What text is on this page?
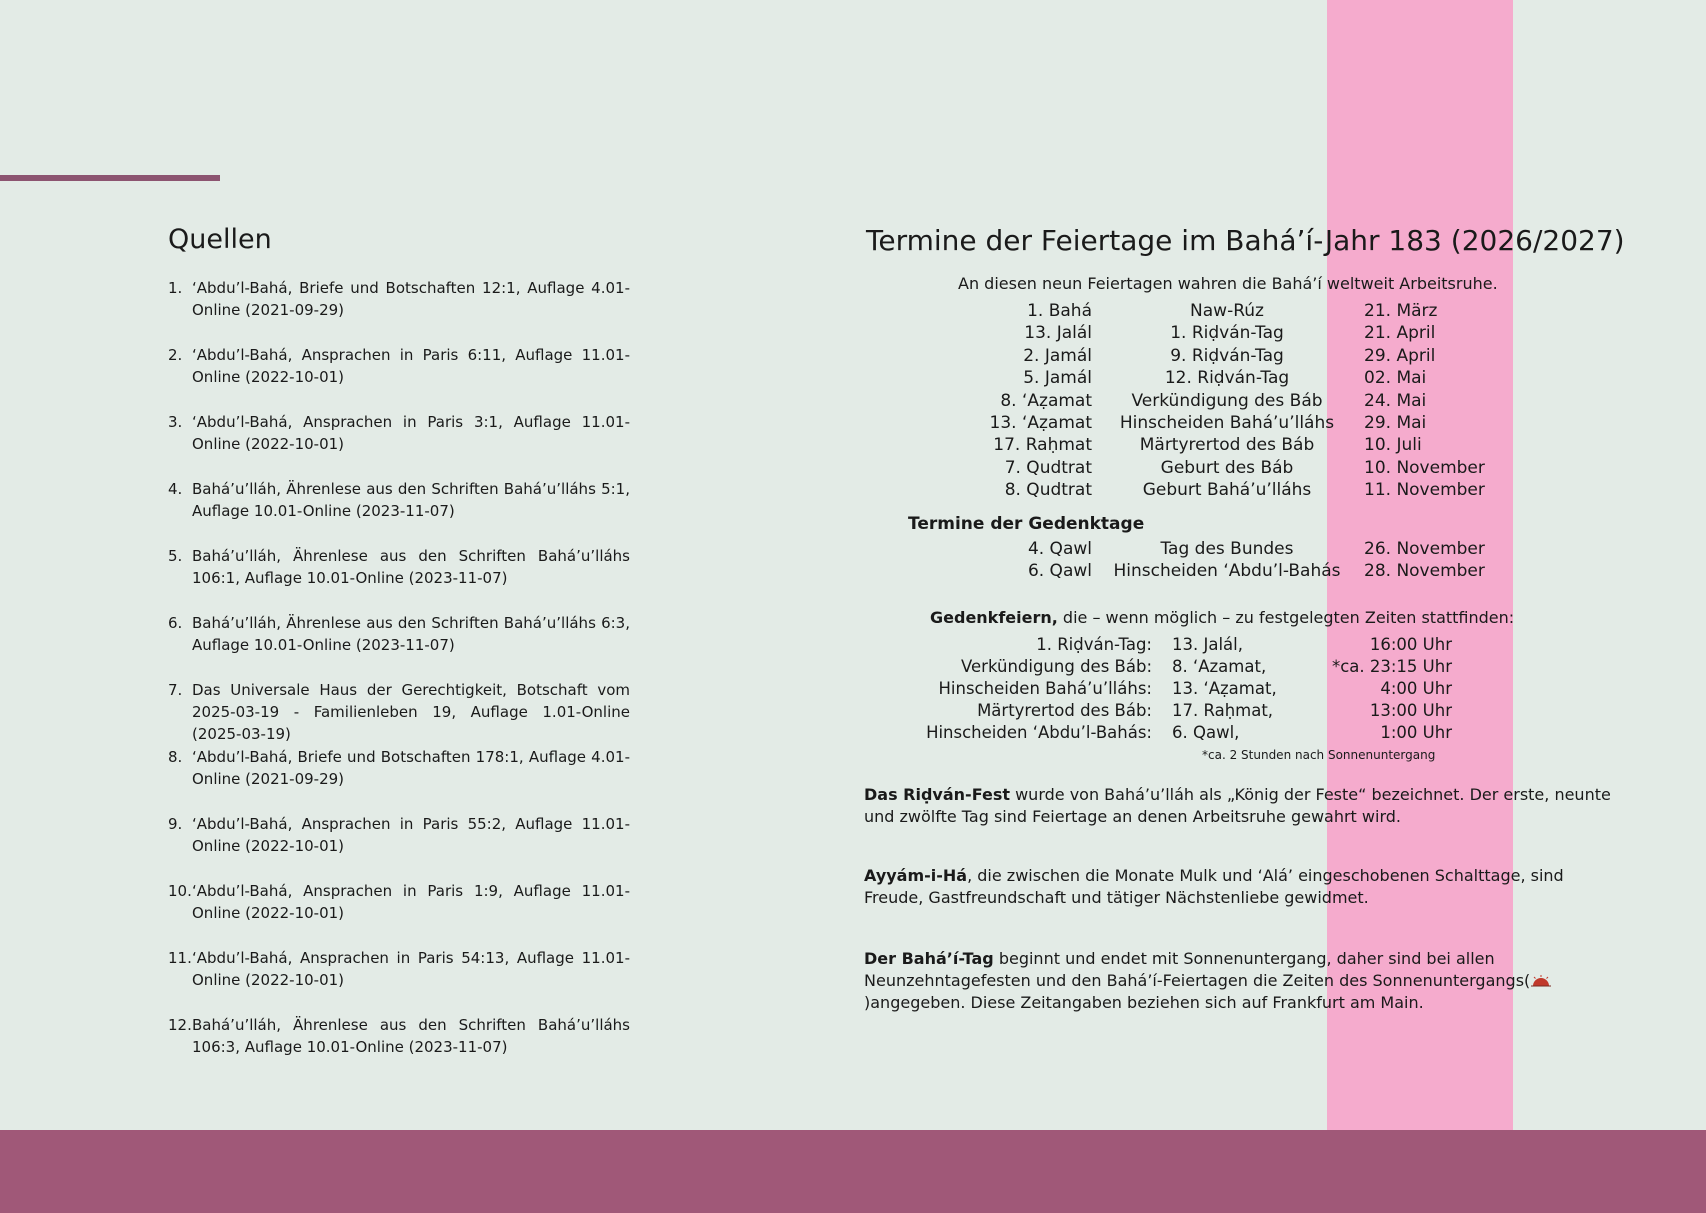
Quellen
1. ‘Abdu’l-Bahá, Briefe und Botschaften 12:1, Auflage 4.01-Online (2021-09-29)
2. ‘Abdu’l-Bahá, Ansprachen in Paris 6:11, Auflage 11.01-Online (2022-10-01)
3. ‘Abdu’l-Bahá, Ansprachen in Paris 3:1, Auflage 11.01-Online (2022-10-01)
4. Bahá’u’lláh, Ährenlese aus den Schriften Bahá’u’lláhs 5:1, Auflage 10.01-Online (2023-11-07)
5. Bahá’u’lláh, Ährenlese aus den Schriften Bahá’u’lláhs 106:1, Auflage 10.01-Online (2023-11-07)
6. Bahá’u’lláh, Ährenlese aus den Schriften Bahá’u’lláhs 6:3, Auflage 10.01-Online (2023-11-07)
7. Das Universale Haus der Gerechtigkeit, Botschaft vom 2025-03-19 - Familienleben 19, Auflage 1.01-Online (2025-03-19)
8. ‘Abdu’l-Bahá, Briefe und Botschaften 178:1, Auflage 4.01-Online (2021-09-29)
9. ‘Abdu’l-Bahá, Ansprachen in Paris 55:2, Auflage 11.01-Online (2022-10-01)
10. ‘Abdu’l-Bahá, Ansprachen in Paris 1:9, Auflage 11.01-Online (2022-10-01)
11. ‘Abdu’l-Bahá, Ansprachen in Paris 54:13, Auflage 11.01-Online (2022-10-01)
12. Bahá’u’lláh, Ährenlese aus den Schriften Bahá’u’lláhs 106:3, Auflage 10.01-Online (2023-11-07)
Termine der Feiertage im Bahá’í-Jahr 183 (2026/2027)
An diesen neun Feiertagen wahren die Bahá’í weltweit Arbeitsruhe.
1. Bahá	Naw-Rúz	21. März
13. Jalál	1. Riḍván-Tag	21. April
2. Jamál	9. Riḍván-Tag	29. April
5. Jamál	12. Riḍván-Tag	02. Mai
8. ‘Aẓamat	Verkündigung des Báb	24. Mai
13. ‘Aẓamat	Hinscheiden Bahá’u’lláhs	29. Mai
17. Raḥmat	Märtyrertod des Báb	10. Juli
7. Qudtrat	Geburt des Báb	10. November
8. Qudtrat	Geburt Bahá’u’lláhs	11. November
Termine der Gedenktage
4. Qawl	Tag des Bundes	26. November
6. Qawl	Hinscheiden ‘Abdu’l-Bahás	28. November
Gedenkfeiern, die – wenn möglich – zu festgelegten Zeiten stattfinden:
1. Riḍván-Tag:	13. Jalál,	16:00 Uhr
Verkündigung des Báb:	8. ‘Azamat,	*ca. 23:15 Uhr
Hinscheiden Bahá’u’lláhs:	13. ‘Aẓamat,	4:00 Uhr
Märtyrertod des Báb:	17. Raḥmat,	13:00 Uhr
Hinscheiden ‘Abdu’l-Bahás:	6. Qawl,	1:00 Uhr
*ca. 2 Stunden nach Sonnenuntergang

Das Riḍván-Fest wurde von Bahá’u’lláh als „König der Feste“ bezeichnet. Der erste, neunte und zwölfte Tag sind Feiertage an denen Arbeitsruhe gewahrt wird.

Ayyám-i-Há, die zwischen die Monate Mulk und ‘Alá’ eingeschobenen Schalttage, sind Freude, Gastfreundschaft und tätiger Nächstenliebe gewidmet.

Der Bahá’í-Tag beginnt und endet mit Sonnenuntergang, daher sind bei allen Neunzehntagefesten und den Bahá’í-Feiertagen die Zeiten des Sonnenuntergangs()angegeben. Diese Zeitangaben beziehen sich auf Frankfurt am Main.
